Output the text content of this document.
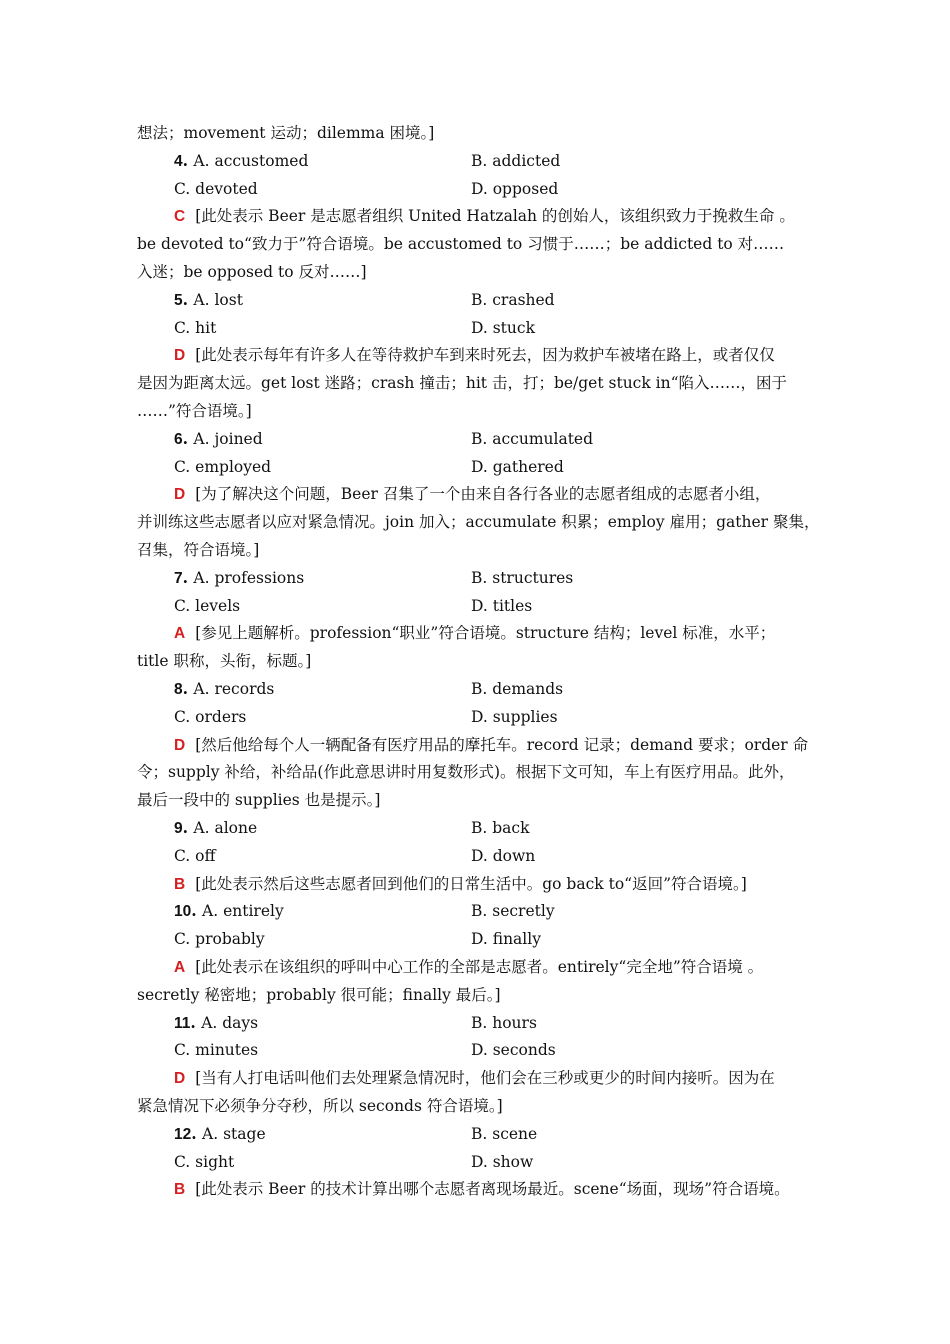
想法；movement 运动；dilemma 困境。]
4. A. accustomed	B. addicted
C. devoted	D. opposed
C [此处表示 Beer 是志愿者组织 United Hatzalah 的创始人，该组织致力于挽救生命 。
be devoted to“致力于”符合语境。be accustomed to 习惯于……；be addicted to 对……
入迷；be opposed to 反对……]
5. A. lost	B. crashed
C. hit	D. stuck
D [此处表示每年有许多人在等待救护车到来时死去，因为救护车被堵在路上，或者仅仅
是因为距离太远。get lost 迷路；crash 撞击；hit 击，打；be/get stuck in“陷入……，困于
……”符合语境。]
6. A. joined	B. accumulated
C. employed	D. gathered
D [为了解决这个问题，Beer 召集了一个由来自各行各业的志愿者组成的志愿者小组，
并训练这些志愿者以应对紧急情况。join 加入；accumulate 积累；employ 雇用；gather 聚集，
召集，符合语境。]
7. A. professions	B. structures
C. levels	D. titles
A [参见上题解析。profession“职业”符合语境。structure 结构；level 标准，水平；
title 职称，头衔，标题。]
8. A. records	B. demands
C. orders	D. supplies
D [然后他给每个人一辆配备有医疗用品的摩托车。record 记录；demand 要求；order 命
令；supply 补给，补给品(作此意思讲时用复数形式)。根据下文可知，车上有医疗用品。此外，
最后一段中的 supplies 也是提示。]
9. A. alone	B. back
C. off	D. down
B [此处表示然后这些志愿者回到他们的日常生活中。go back to“返回”符合语境。]
10. A. entirely	B. secretly
C. probably	D. finally
A [此处表示在该组织的呼叫中心工作的全部是志愿者。entirely“完全地”符合语境 。
secretly 秘密地；probably 很可能；finally 最后。]
11. A. days	B. hours
C. minutes	D. seconds
D [当有人打电话叫他们去处理紧急情况时，他们会在三秒或更少的时间内接听。因为在
紧急情况下必须争分夺秒，所以 seconds 符合语境。]
12. A. stage	B. scene
C. sight	D. show
B [此处表示 Beer 的技术计算出哪个志愿者离现场最近。scene“场面，现场”符合语境。
